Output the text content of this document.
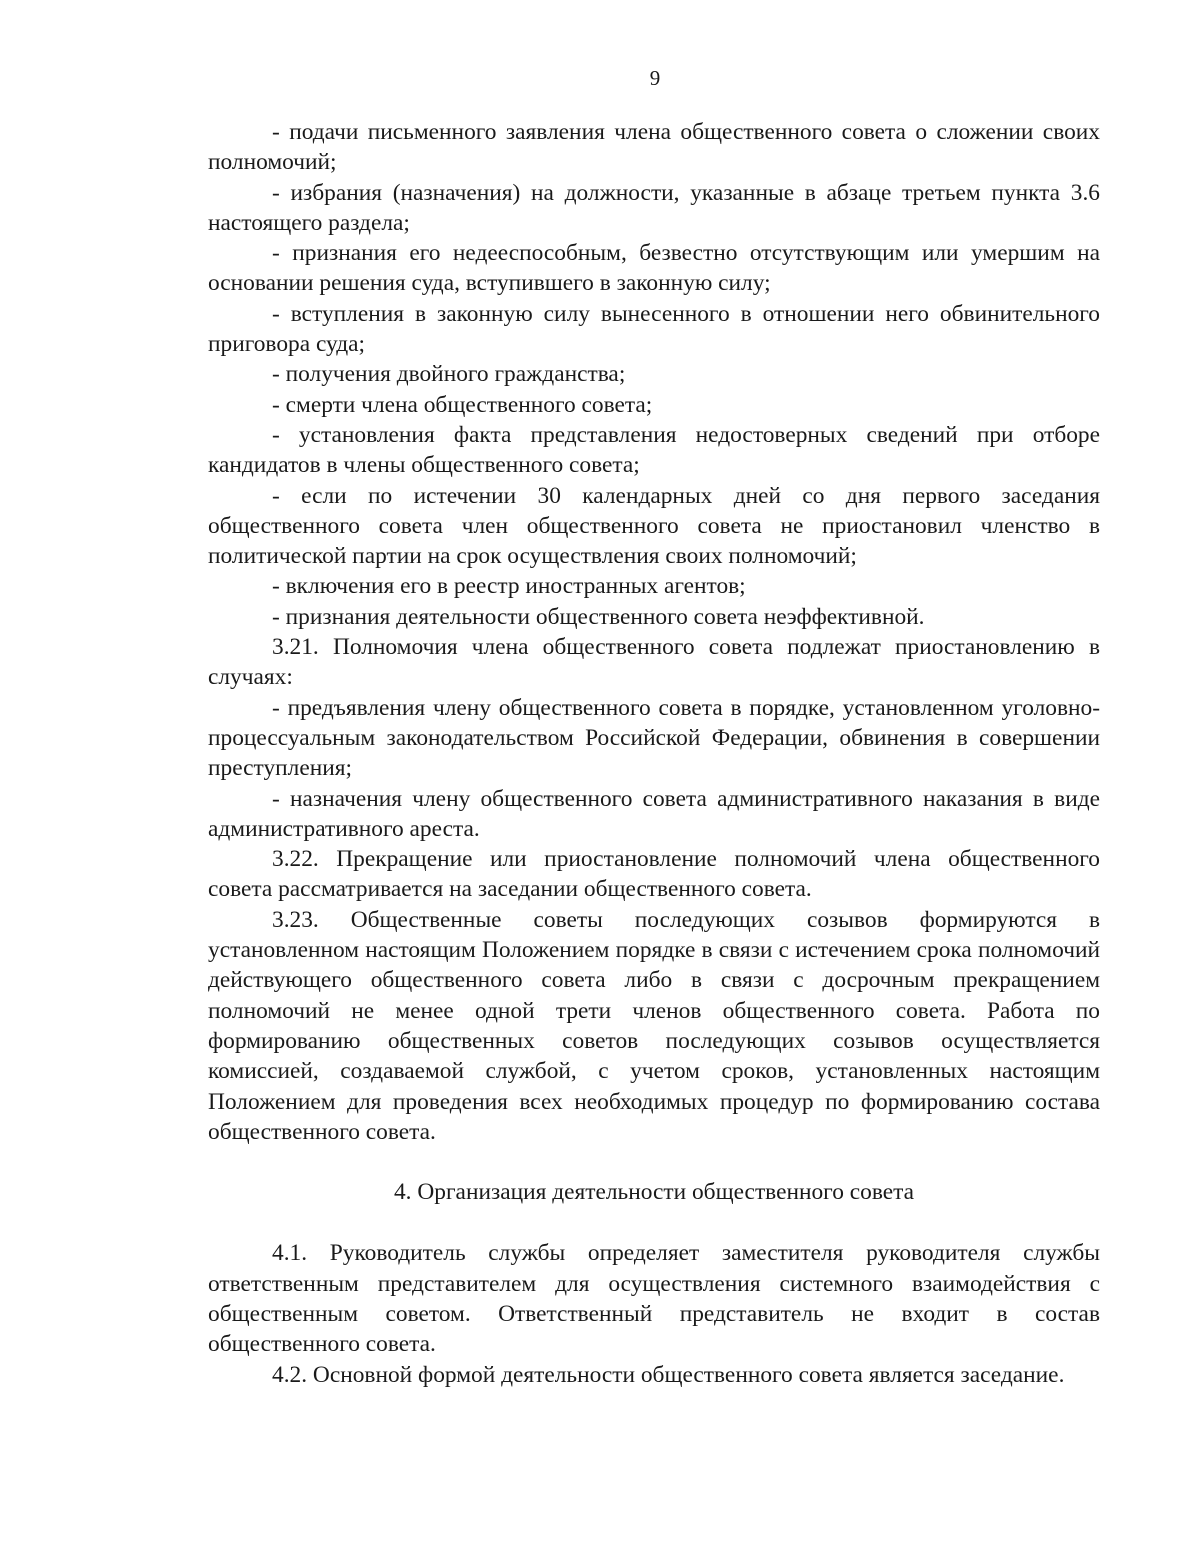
9

- подачи письменного заявления члена общественного совета о сложении своих полномочий;

- избрания (назначения) на должности, указанные в абзаце третьем пункта 3.6 настоящего раздела;

- признания его недееспособным, безвестно отсутствующим или умершим на основании решения суда, вступившего в законную силу;

- вступления в законную силу вынесенного в отношении него обвинительного приговора суда;

- получения двойного гражданства;

- смерти члена общественного совета;

- установления факта представления недостоверных сведений при отборе кандидатов в члены общественного совета;

- если по истечении 30 календарных дней со дня первого заседания общественного совета член общественного совета не приостановил членство в политической партии на срок осуществления своих полномочий;

- включения его в реестр иностранных агентов;

- признания деятельности общественного совета неэффективной.

3.21. Полномочия члена общественного совета подлежат приостановлению в случаях:

- предъявления члену общественного совета в порядке, установленном уголовно-процессуальным законодательством Российской Федерации, обвинения в совершении преступления;

- назначения члену общественного совета административного наказания в виде административного ареста.

3.22. Прекращение или приостановление полномочий члена общественного совета рассматривается на заседании общественного совета.

3.23. Общественные советы последующих созывов формируются в установленном настоящим Положением порядке в связи с истечением срока полномочий действующего общественного совета либо в связи с досрочным прекращением полномочий не менее одной трети членов общественного совета. Работа по формированию общественных советов последующих созывов осуществляется комиссией, создаваемой службой, с учетом сроков, установленных настоящим Положением для проведения всех необходимых процедур по формированию состава общественного совета.

4. Организация деятельности общественного совета

4.1. Руководитель службы определяет заместителя руководителя службы ответственным представителем для осуществления системного взаимодействия с общественным советом. Ответственный представитель не входит в состав общественного совета.

4.2. Основной формой деятельности общественного совета является заседание.
